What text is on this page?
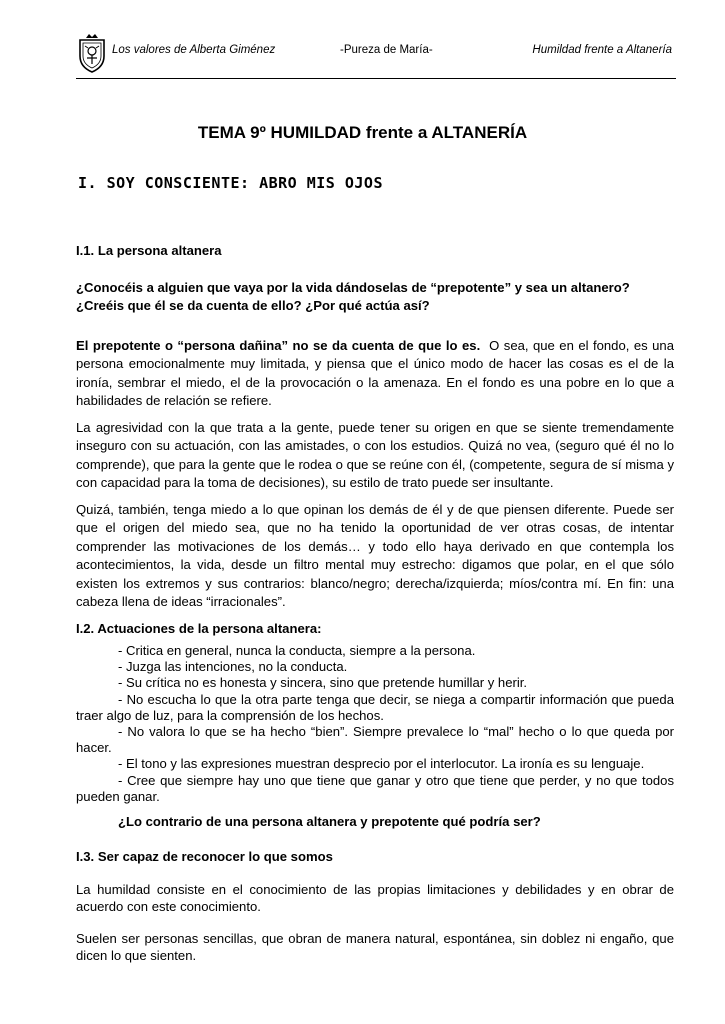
Los valores de Alberta Giménez	-Pureza de María-	Humildad frente a Altanería
TEMA 9º HUMILDAD frente a ALTANERÍA
I. SOY CONSCIENTE: ABRO MIS OJOS

I.1. La persona altanera

¿Conocéis a alguien que vaya por la vida dándoselas de “prepotente” y sea un altanero? ¿Creéis que él se da cuenta de ello? ¿Por qué actúa así?

El prepotente o “persona dañina” no se da cuenta de que lo es. O sea, que en el fondo, es una persona emocionalmente muy limitada, y piensa que el único modo de hacer las cosas es el de la ironía, sembrar el miedo, el de la provocación o la amenaza. En el fondo es una pobre en lo que a habilidades de relación se refiere.

La agresividad con la que trata a la gente, puede tener su origen en que se siente tremendamente inseguro con su actuación, con las amistades, o con los estudios. Quizá no vea, (seguro qué él no lo comprende), que para la gente que le rodea o que se reúne con él, (competente, segura de sí misma y con capacidad para la toma de decisiones), su estilo de trato puede ser insultante.

Quizá, también, tenga miedo a lo que opinan los demás de él y de que piensen diferente. Puede ser que el origen del miedo sea, que no ha tenido la oportunidad de ver otras cosas, de intentar comprender las motivaciones de los demás… y todo ello haya derivado en que contempla los acontecimientos, la vida, desde un filtro mental muy estrecho: digamos que polar, en el que sólo existen los extremos y sus contrarios: blanco/negro; derecha/izquierda; míos/contra mí. En fin: una cabeza llena de ideas “irracionales”.

I.2. Actuaciones de la persona altanera:

- Critica en general, nunca la conducta, siempre a la persona.

- Juzga las intenciones, no la conducta.

- Su crítica no es honesta y sincera, sino que pretende humillar y herir.

- No escucha lo que la otra parte tenga que decir, se niega a compartir información que pueda traer algo de luz, para la comprensión de los hechos.

- No valora lo que se ha hecho “bien”. Siempre prevalece lo “mal” hecho o lo que queda por hacer.

- El tono y las expresiones muestran desprecio por el interlocutor. La ironía es su lenguaje.

- Cree que siempre hay uno que tiene que ganar y otro que tiene que perder, y no que todos pueden ganar.

¿Lo contrario de una persona altanera y prepotente qué podría ser?

I.3. Ser capaz de reconocer lo que somos

La humildad consiste en el conocimiento de las propias limitaciones y debilidades y en obrar de acuerdo con este conocimiento.

Suelen ser personas sencillas, que obran de manera natural, espontánea, sin doblez ni engaño, que dicen lo que sienten.
